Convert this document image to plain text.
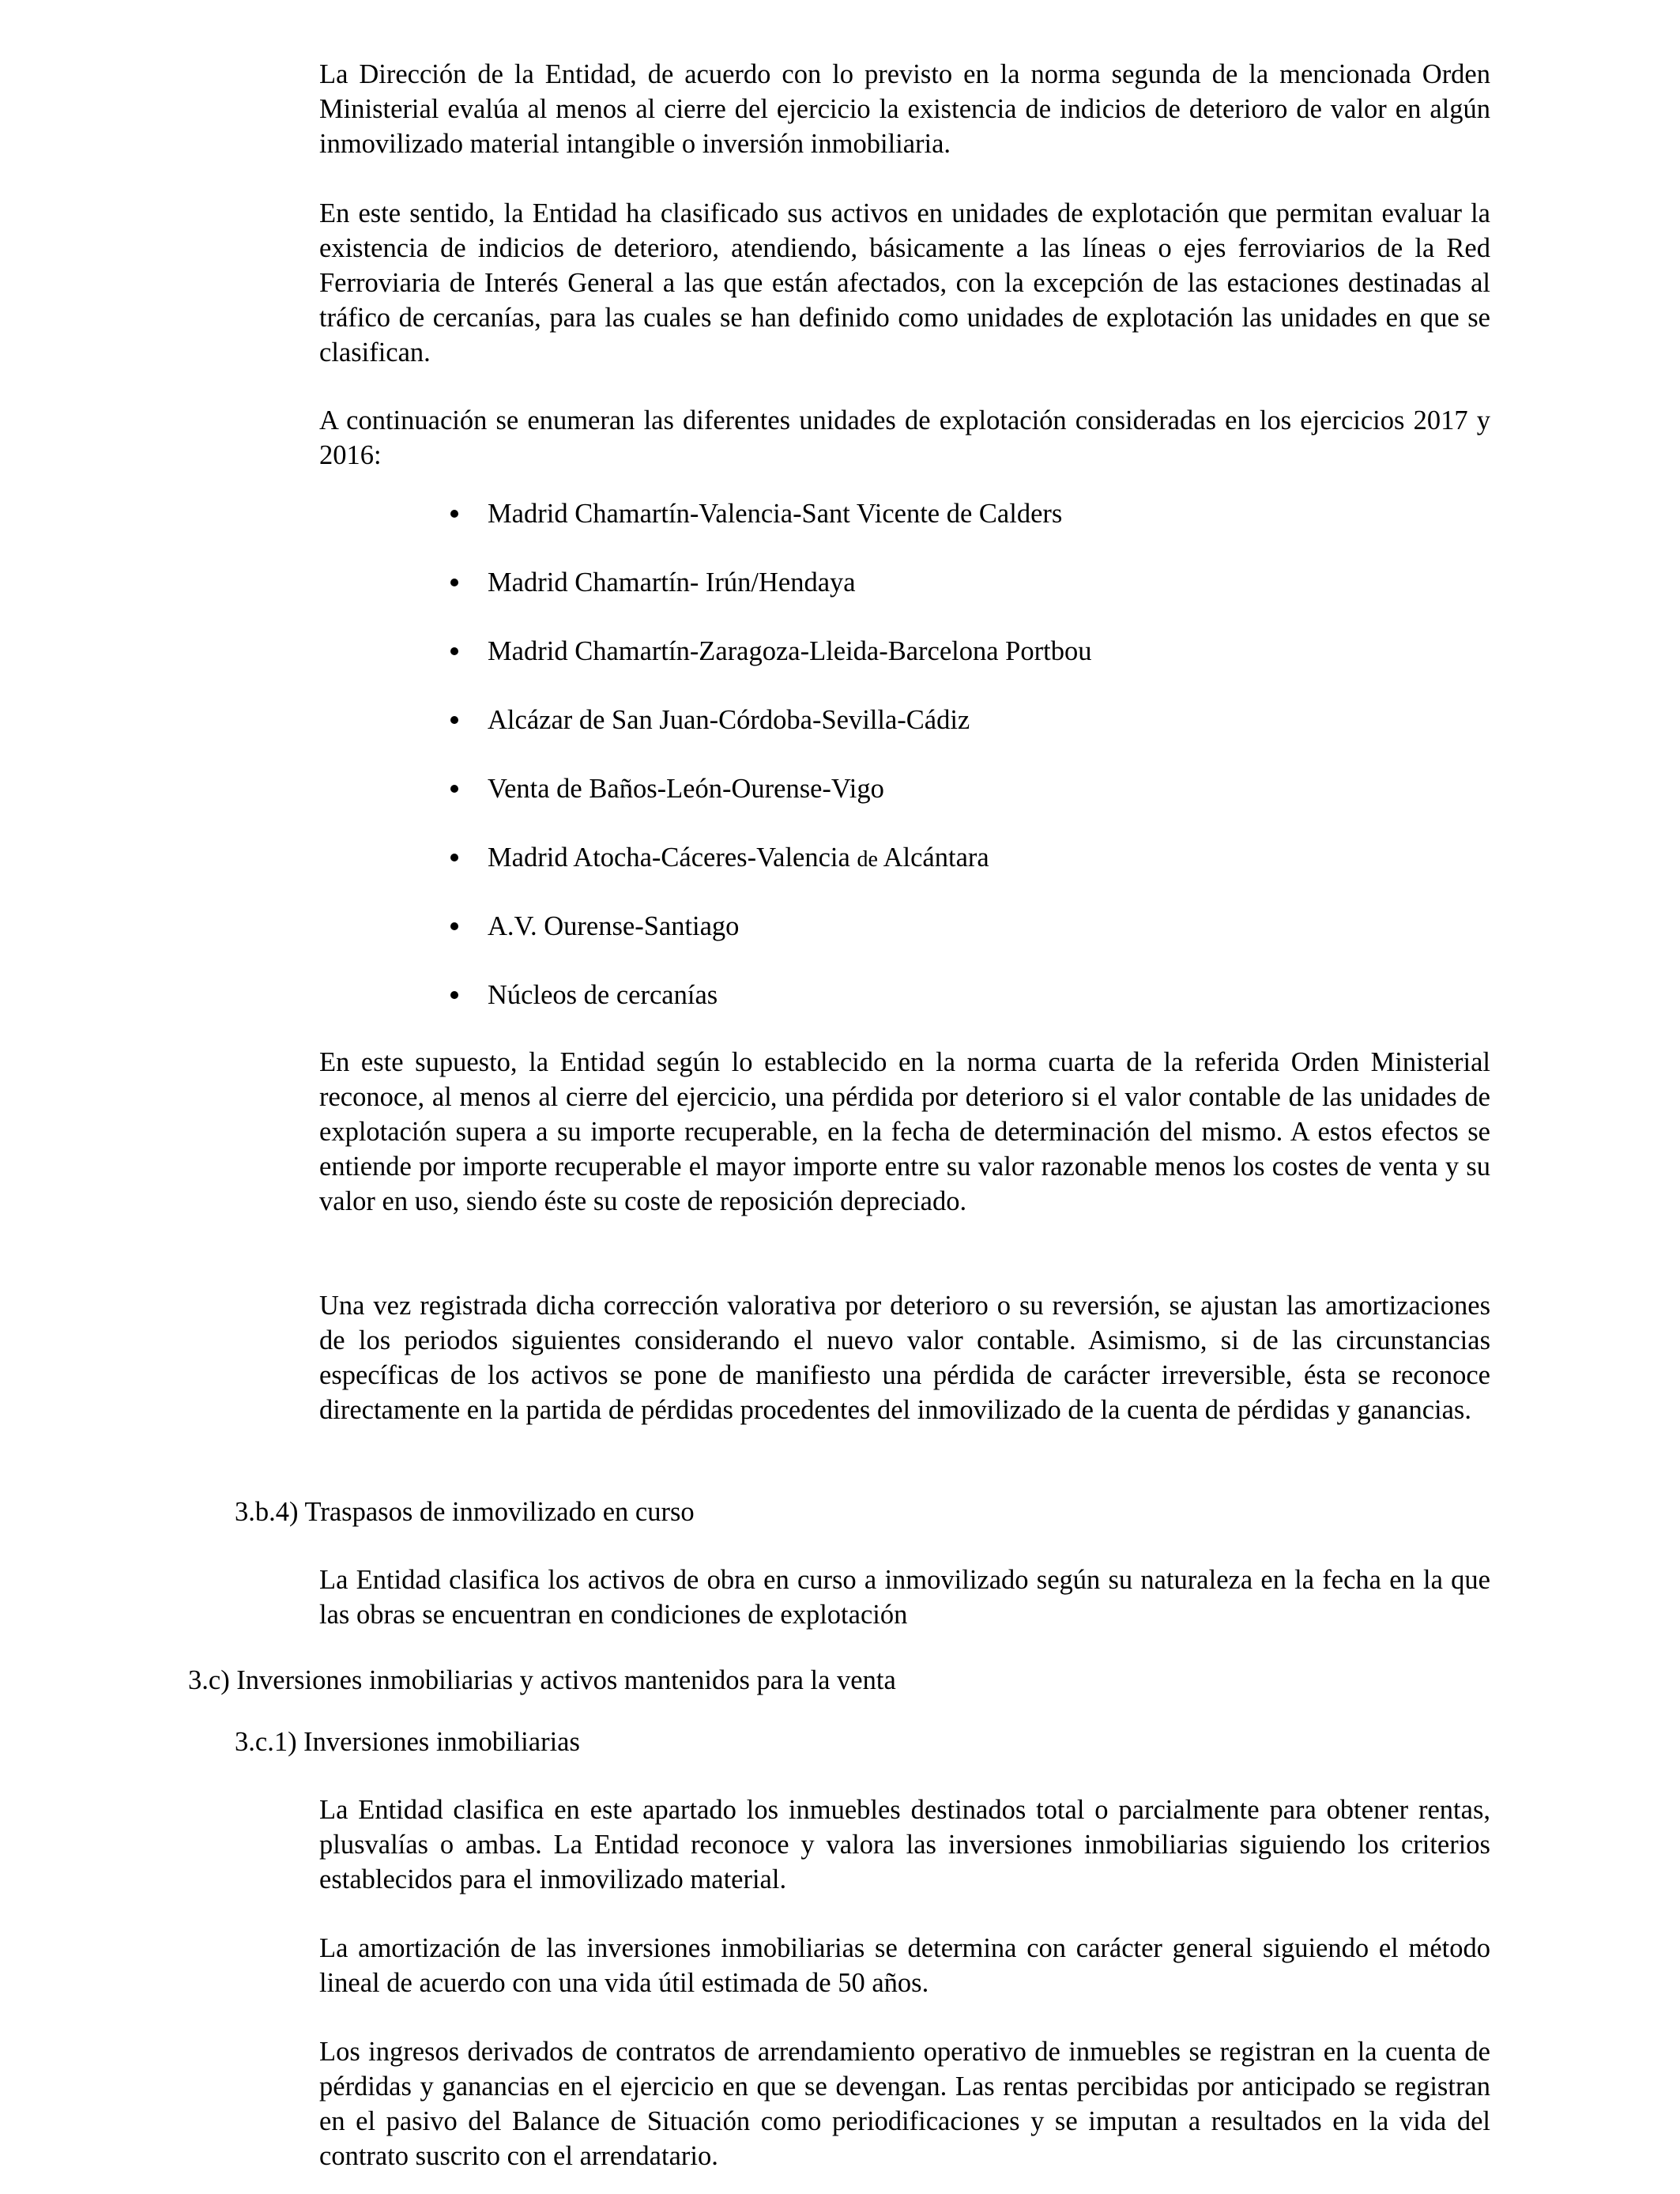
La Dirección de la Entidad, de acuerdo con lo previsto en la norma segunda de la mencionada Orden Ministerial evalúa al menos al cierre del ejercicio la existencia de indicios de deterioro de valor en algún inmovilizado material intangible o inversión inmobiliaria.

En este sentido, la Entidad ha clasificado sus activos en unidades de explotación que permitan evaluar la existencia de indicios de deterioro, atendiendo, básicamente a las líneas o ejes ferroviarios de la Red Ferroviaria de Interés General a las que están afectados, con la excepción de las estaciones destinadas al tráfico de cercanías, para las cuales se han definido como unidades de explotación las unidades en que se clasifican.

A continuación se enumeran las diferentes unidades de explotación consideradas en los ejercicios 2017 y 2016:

Madrid Chamartín-Valencia-Sant Vicente de Calders
Madrid Chamartín- Irún/Hendaya
Madrid Chamartín-Zaragoza-Lleida-Barcelona Portbou
Alcázar de San Juan-Córdoba-Sevilla-Cádiz
Venta de Baños-León-Ourense-Vigo
Madrid Atocha-Cáceres-Valencia de Alcántara
A.V. Ourense-Santiago
Núcleos de cercanías

En este supuesto, la Entidad según lo establecido en la norma cuarta de la referida Orden Ministerial reconoce, al menos al cierre del ejercicio, una pérdida por deterioro si el valor contable de las unidades de explotación supera a su importe recuperable, en la fecha de determinación del mismo. A estos efectos se entiende por importe recuperable el mayor importe entre su valor razonable menos los costes de venta y su valor en uso, siendo éste su coste de reposición depreciado.

Una vez registrada dicha corrección valorativa por deterioro o su reversión, se ajustan las amortizaciones de los periodos siguientes considerando el nuevo valor contable. Asimismo, si de las circunstancias específicas de los activos se pone de manifiesto una pérdida de carácter irreversible, ésta se reconoce directamente en la partida de pérdidas procedentes del inmovilizado de la cuenta de pérdidas y ganancias.

3.b.4) Traspasos de inmovilizado en curso

La Entidad clasifica los activos de obra en curso a inmovilizado según su naturaleza en la fecha en la que las obras se encuentran en condiciones de explotación

3.c) Inversiones inmobiliarias y activos mantenidos para la venta

3.c.1) Inversiones inmobiliarias

La Entidad clasifica en este apartado los inmuebles destinados total o parcialmente para obtener rentas, plusvalías o ambas. La Entidad reconoce y valora las inversiones inmobiliarias siguiendo los criterios establecidos para el inmovilizado material.

La amortización de las inversiones inmobiliarias se determina con carácter general siguiendo el método lineal de acuerdo con una vida útil estimada de 50 años.

Los ingresos derivados de contratos de arrendamiento operativo de inmuebles se registran en la cuenta de pérdidas y ganancias en el ejercicio en que se devengan. Las rentas percibidas por anticipado se registran en el pasivo del Balance de Situación como periodificaciones y se imputan a resultados en la vida del contrato suscrito con el arrendatario.
